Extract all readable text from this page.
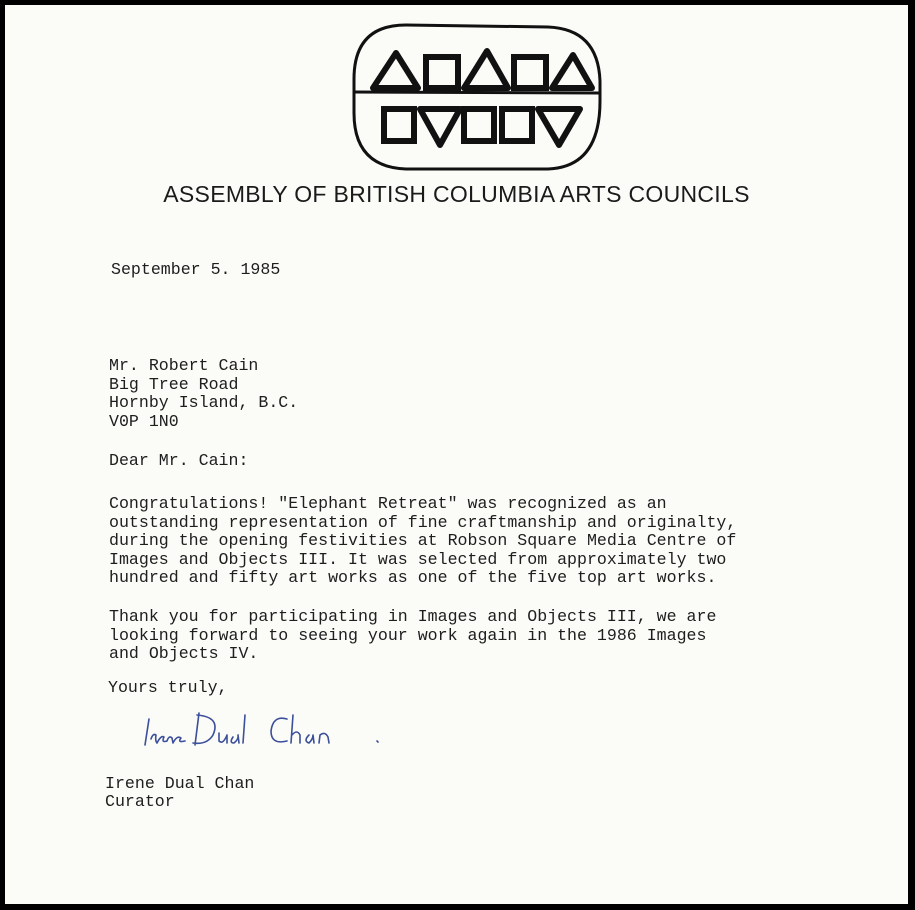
ASSEMBLY OF BRITISH COLUMBIA ARTS COUNCILS

September 5. 1985

Mr. Robert Cain
Big Tree Road
Hornby Island, B.C.
V0P 1N0

Dear Mr. Cain:

Congratulations! "Elephant Retreat" was recognized as an
outstanding representation of fine craftmanship and originalty,
during the opening festivities at Robson Square Media Centre of
Images and Objects III. It was selected from approximately two
hundred and fifty art works as one of the five top art works.
Thank you for participating in Images and Objects III, we are
looking forward to seeing your work again in the 1986 Images
and Objects IV.

Yours truly,

Irene Dual Chan

Curator
